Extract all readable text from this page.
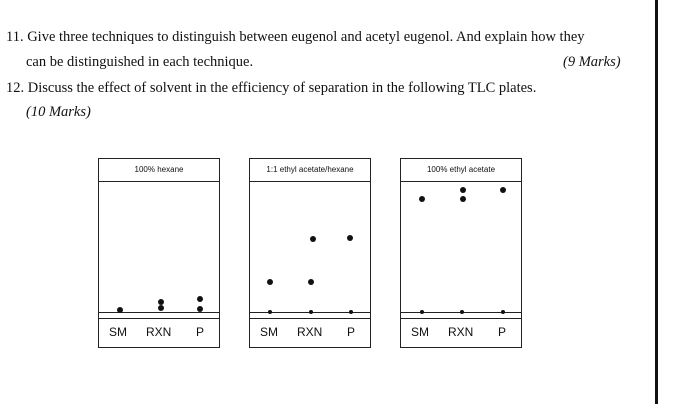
11. Give three techniques to distinguish between eugenol and acetyl eugenol. And explain how they
can be distinguished in each technique.	(9 Marks)
12. Discuss the effect of solvent in the efficiency of separation in the following TLC plates.
(10 Marks)
100% hexane
SM RXN P
1:1 ethyl acetate/hexane
SM RXN P
100% ethyl acetate
SM RXN P
